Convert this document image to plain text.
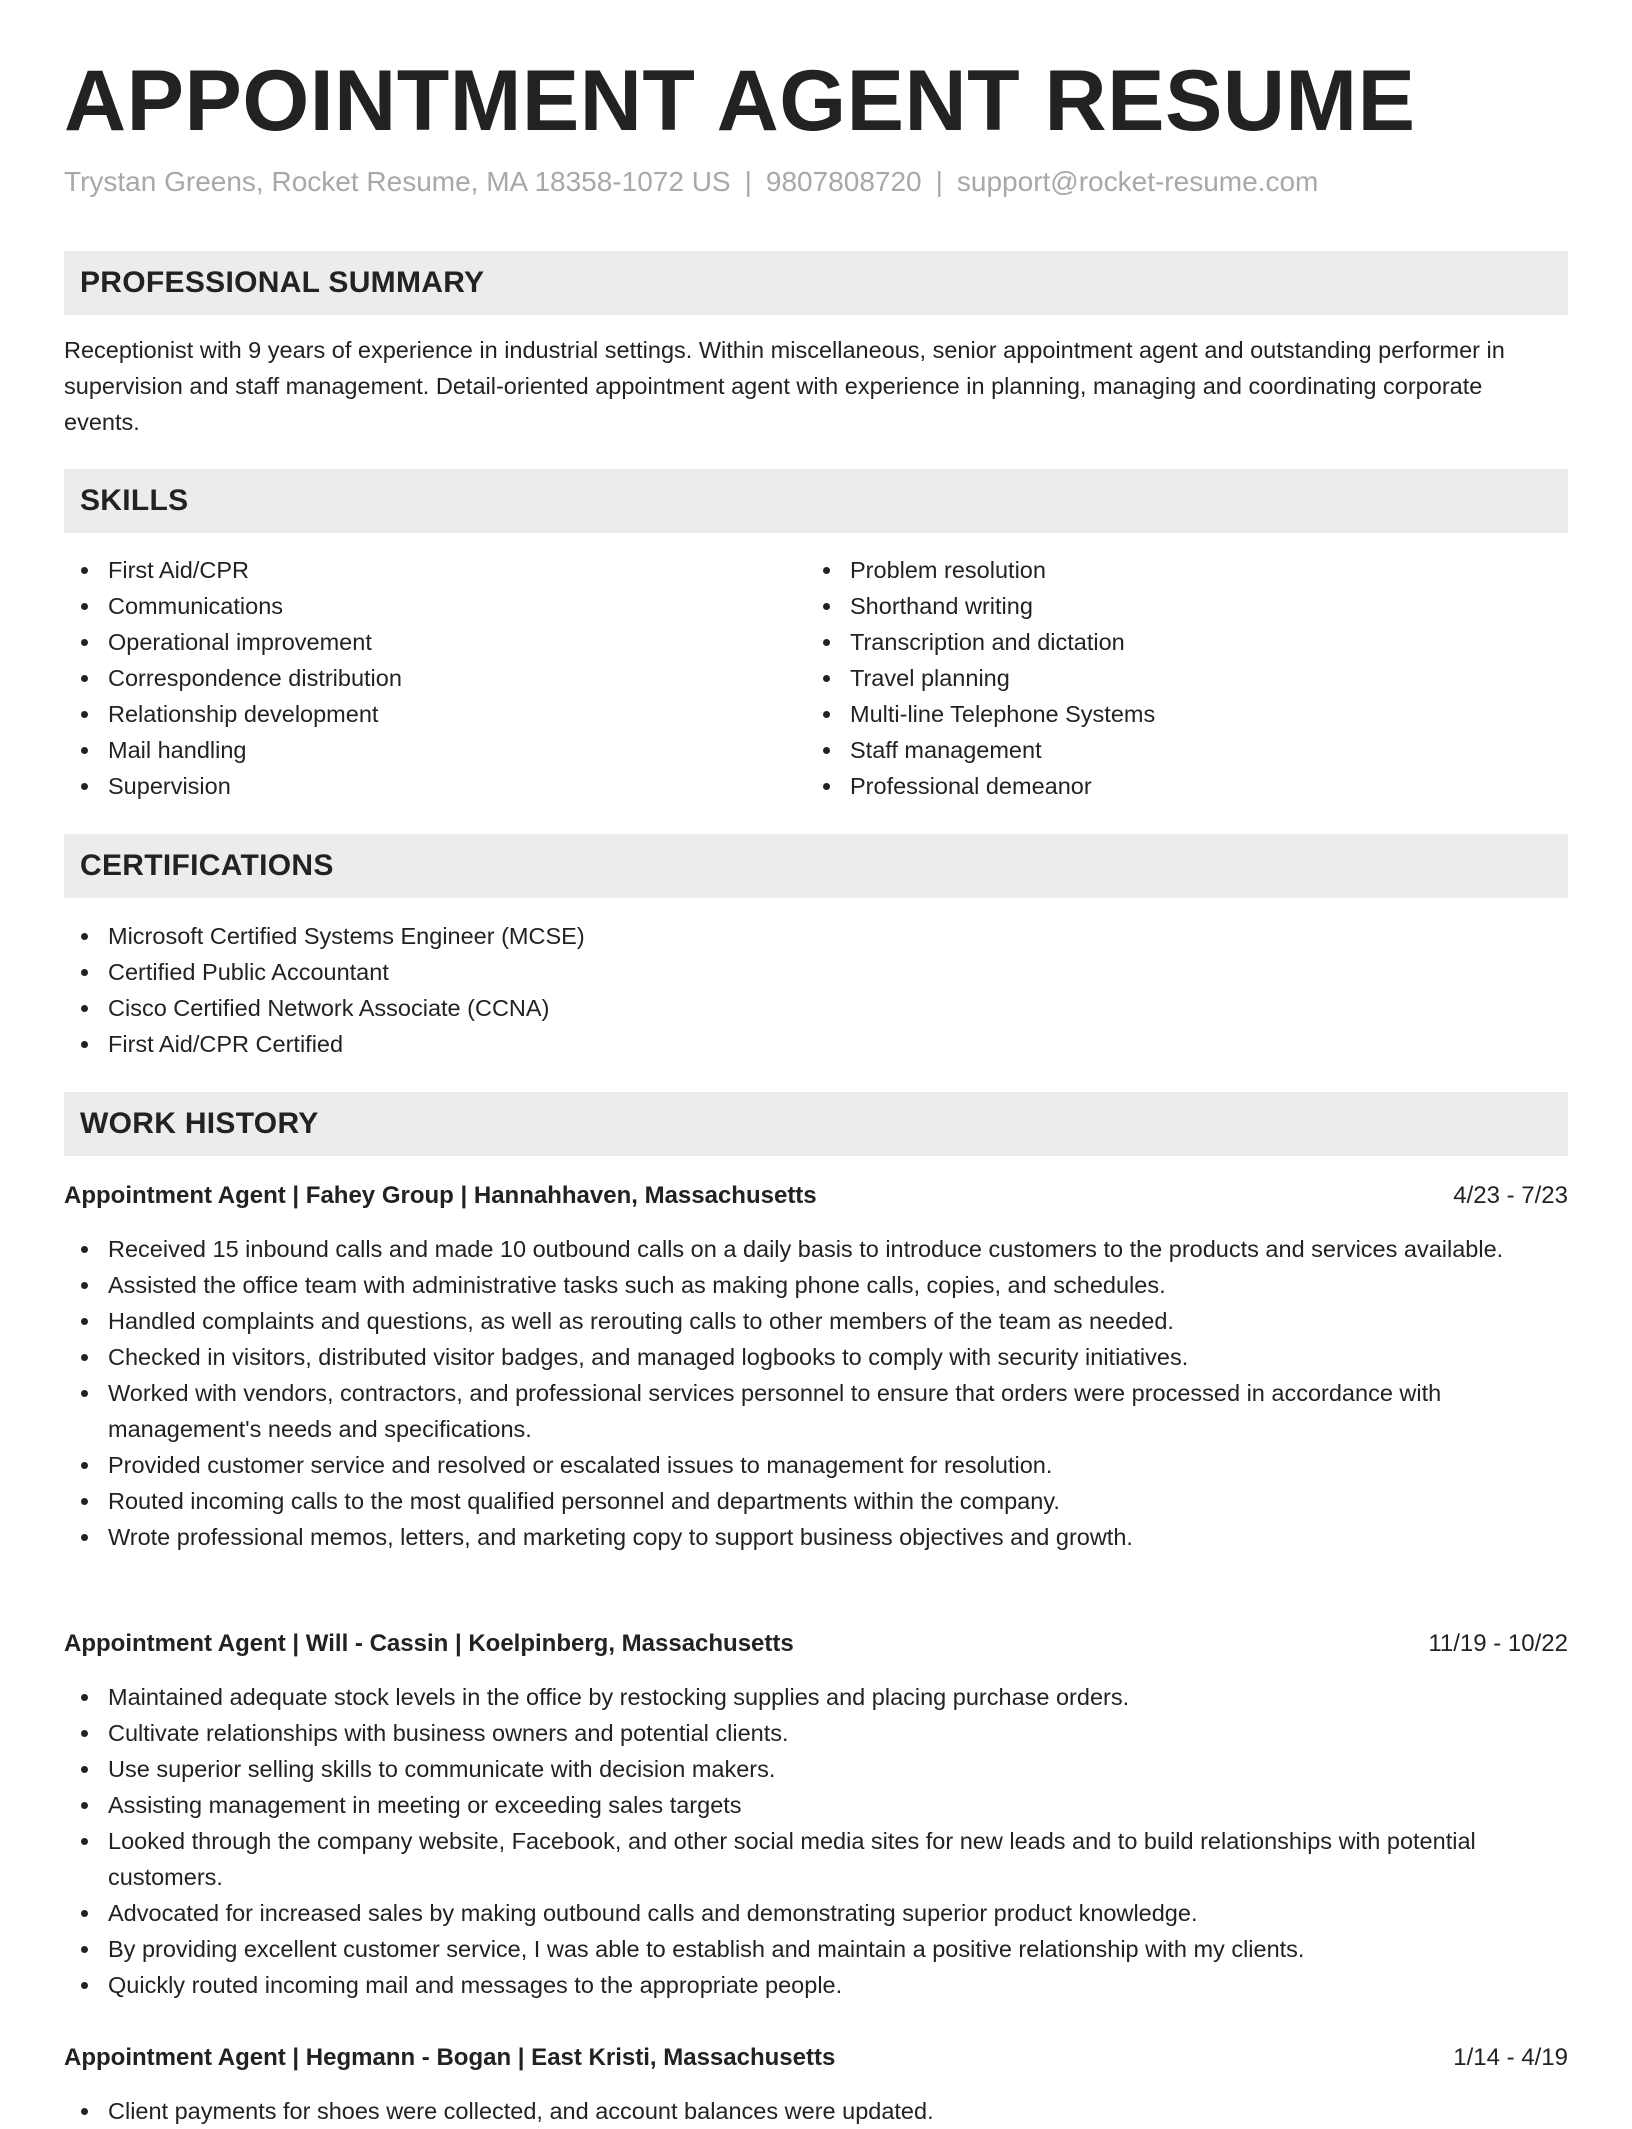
APPOINTMENT AGENT RESUME
Trystan Greens, Rocket Resume, MA 18358-1072 US | 9807808720 | support@rocket-resume.com
PROFESSIONAL SUMMARY

Receptionist with 9 years of experience in industrial settings. Within miscellaneous, senior appointment agent and outstanding performer in supervision and staff management. Detail-oriented appointment agent with experience in planning, managing and coordinating corporate events.

SKILLS
First Aid/CPR
Communications
Operational improvement
Correspondence distribution
Relationship development
Mail handling
Supervision
Problem resolution
Shorthand writing
Transcription and dictation
Travel planning
Multi-line Telephone Systems
Staff management
Professional demeanor
CERTIFICATIONS
Microsoft Certified Systems Engineer (MCSE)
Certified Public Accountant
Cisco Certified Network Associate (CCNA)
First Aid/CPR Certified
WORK HISTORY
Appointment Agent | Fahey Group | Hannahhaven, Massachusetts	4/23 - 7/23
Received 15 inbound calls and made 10 outbound calls on a daily basis to introduce customers to the products and services available.
Assisted the office team with administrative tasks such as making phone calls, copies, and schedules.
Handled complaints and questions, as well as rerouting calls to other members of the team as needed.
Checked in visitors, distributed visitor badges, and managed logbooks to comply with security initiatives.
Worked with vendors, contractors, and professional services personnel to ensure that orders were processed in accordance with management's needs and specifications.
Provided customer service and resolved or escalated issues to management for resolution.
Routed incoming calls to the most qualified personnel and departments within the company.
Wrote professional memos, letters, and marketing copy to support business objectives and growth.
Appointment Agent | Will - Cassin | Koelpinberg, Massachusetts	11/19 - 10/22
Maintained adequate stock levels in the office by restocking supplies and placing purchase orders.
Cultivate relationships with business owners and potential clients.
Use superior selling skills to communicate with decision makers.
Assisting management in meeting or exceeding sales targets
Looked through the company website, Facebook, and other social media sites for new leads and to build relationships with potential customers.
Advocated for increased sales by making outbound calls and demonstrating superior product knowledge.
By providing excellent customer service, I was able to establish and maintain a positive relationship with my clients.
Quickly routed incoming mail and messages to the appropriate people.
Appointment Agent | Hegmann - Bogan | East Kristi, Massachusetts	1/14 - 4/19
Client payments for shoes were collected, and account balances were updated.
